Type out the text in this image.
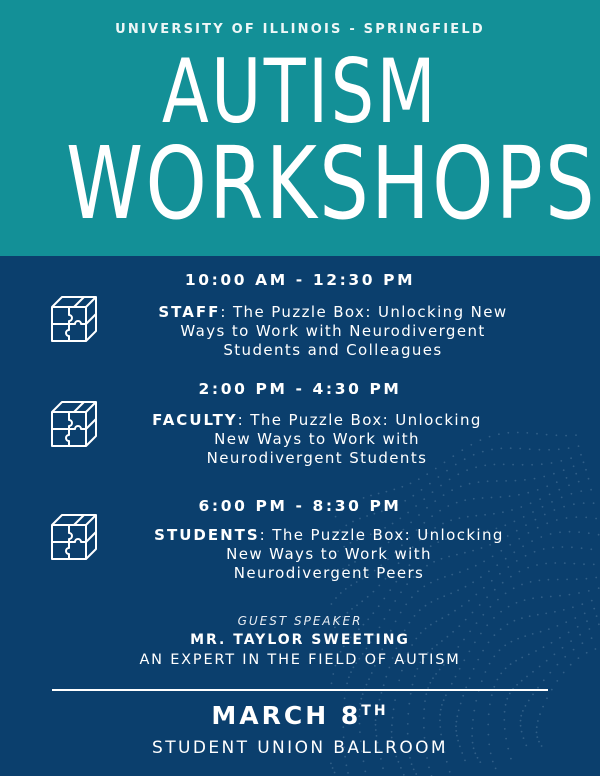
UNIVERSITY OF ILLINOIS - SPRINGFIELD
AUTISM
WORKSHOPS
10:00 AM - 12:30 PM
STAFF: The Puzzle Box: Unlocking New
Ways to Work with Neurodivergent
Students and Colleagues
2:00 PM - 4:30 PM
FACULTY: The Puzzle Box: Unlocking
New Ways to Work with
Neurodivergent Students
6:00 PM - 8:30 PM
STUDENTS: The Puzzle Box: Unlocking
New Ways to Work with
Neurodivergent Peers
GUEST SPEAKER
MR. TAYLOR SWEETING
AN EXPERT IN THE FIELD OF AUTISM
MARCH 8TH
STUDENT UNION BALLROOM
